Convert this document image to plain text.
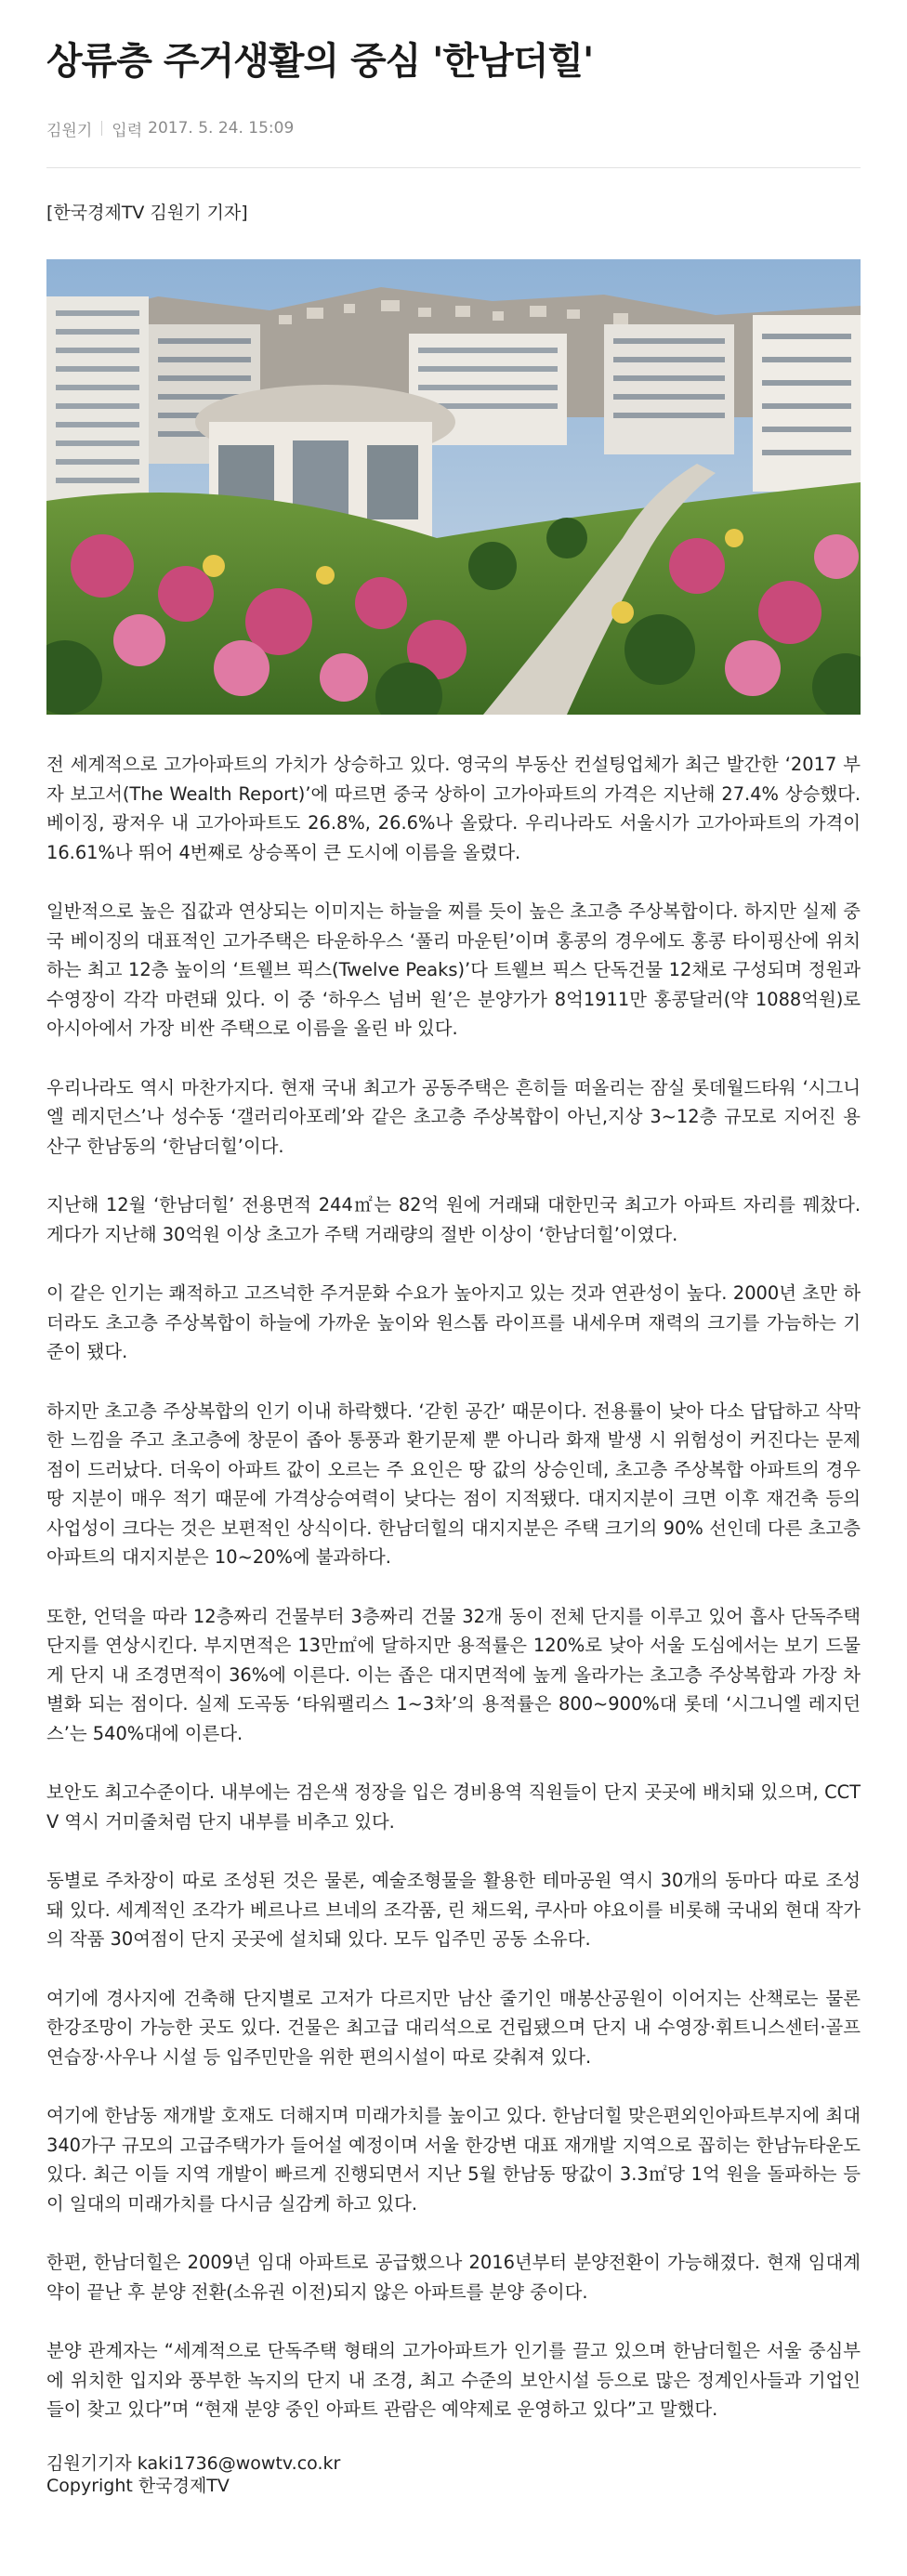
상류층 주거생활의 중심 '한남더힐'
김원기 입력 2017. 5. 24. 15:09
[한국경제TV 김원기 기자]

전 세계적으로 고가아파트의 가치가 상승하고 있다. 영국의 부동산 컨설팅업체가 최근 발간한 ‘2017 부자 보고서(The Wealth Report)’에 따르면 중국 상하이 고가아파트의 가격은 지난해 27.4% 상승했다. 베이징, 광저우 내 고가아파트도 26.8%, 26.6%나 올랐다. 우리나라도 서울시가 고가아파트의 가격이 16.61%나 뛰어 4번째로 상승폭이 큰 도시에 이름을 올렸다.

일반적으로 높은 집값과 연상되는 이미지는 하늘을 찌를 듯이 높은 초고층 주상복합이다. 하지만 실제 중국 베이징의 대표적인 고가주택은 타운하우스 ‘풀리 마운틴’이며 홍콩의 경우에도 홍콩 타이핑산에 위치하는 최고 12층 높이의 ‘트웰브 픽스(Twelve Peaks)’다 트웰브 픽스 단독건물 12채로 구성되며 정원과 수영장이 각각 마련돼 있다. 이 중 ‘하우스 넘버 원’은 분양가가 8억1911만 홍콩달러(약 1088억원)로 아시아에서 가장 비싼 주택으로 이름을 올린 바 있다.

우리나라도 역시 마찬가지다. 현재 국내 최고가 공동주택은 흔히들 떠올리는 잠실 롯데월드타워 ‘시그니엘 레지던스’나 성수동 ‘갤러리아포레’와 같은 초고층 주상복합이 아닌,지상 3~12층 규모로 지어진 용산구 한남동의 ‘한남더힐’이다.

지난해 12월 ‘한남더힐’ 전용면적 244㎡는 82억 원에 거래돼 대한민국 최고가 아파트 자리를 꿰찼다. 게다가 지난해 30억원 이상 초고가 주택 거래량의 절반 이상이 ‘한남더힐’이였다.

이 같은 인기는 쾌적하고 고즈넉한 주거문화 수요가 높아지고 있는 것과 연관성이 높다. 2000년 초만 하더라도 초고층 주상복합이 하늘에 가까운 높이와 원스톱 라이프를 내세우며 재력의 크기를 가늠하는 기준이 됐다.

하지만 초고층 주상복합의 인기 이내 하락했다. ‘갇힌 공간’ 때문이다. 전용률이 낮아 다소 답답하고 삭막한 느낌을 주고 초고층에 창문이 좁아 통풍과 환기문제 뿐 아니라 화재 발생 시 위험성이 커진다는 문제점이 드러났다. 더욱이 아파트 값이 오르는 주 요인은 땅 값의 상승인데, 초고층 주상복합 아파트의 경우 땅 지분이 매우 적기 때문에 가격상승여력이 낮다는 점이 지적됐다. 대지지분이 크면 이후 재건축 등의 사업성이 크다는 것은 보편적인 상식이다. 한남더힐의 대지지분은 주택 크기의 90% 선인데 다른 초고층 아파트의 대지지분은 10~20%에 불과하다.

또한, 언덕을 따라 12층짜리 건물부터 3층짜리 건물 32개 동이 전체 단지를 이루고 있어 흡사 단독주택 단지를 연상시킨다. 부지면적은 13만㎡에 달하지만 용적률은 120%로 낮아 서울 도심에서는 보기 드물게 단지 내 조경면적이 36%에 이른다. 이는 좁은 대지면적에 높게 올라가는 초고층 주상복합과 가장 차별화 되는 점이다. 실제 도곡동 ‘타워팰리스 1~3차’의 용적률은 800~900%대 롯데 ‘시그니엘 레지던스’는 540%대에 이른다.

보안도 최고수준이다. 내부에는 검은색 정장을 입은 경비용역 직원들이 단지 곳곳에 배치돼 있으며, CCTV 역시 거미줄처럼 단지 내부를 비추고 있다.

동별로 주차장이 따로 조성된 것은 물론, 예술조형물을 활용한 테마공원 역시 30개의 동마다 따로 조성돼 있다. 세계적인 조각가 베르나르 브네의 조각품, 린 채드윅, 쿠사마 야요이를 비롯해 국내외 현대 작가의 작품 30여점이 단지 곳곳에 설치돼 있다. 모두 입주민 공동 소유다.

여기에 경사지에 건축해 단지별로 고저가 다르지만 남산 줄기인 매봉산공원이 이어지는 산책로는 물론 한강조망이 가능한 곳도 있다. 건물은 최고급 대리석으로 건립됐으며 단지 내 수영장·휘트니스센터·골프연습장·사우나 시설 등 입주민만을 위한 편의시설이 따로 갖춰져 있다.

여기에 한남동 재개발 호재도 더해지며 미래가치를 높이고 있다. 한남더힐 맞은편외인아파트부지에 최대 340가구 규모의 고급주택가가 들어설 예정이며 서울 한강변 대표 재개발 지역으로 꼽히는 한남뉴타운도 있다. 최근 이들 지역 개발이 빠르게 진행되면서 지난 5월 한남동 땅값이 3.3㎡당 1억 원을 돌파하는 등 이 일대의 미래가치를 다시금 실감케 하고 있다.

한편, 한남더힐은 2009년 임대 아파트로 공급했으나 2016년부터 분양전환이 가능해졌다. 현재 임대계약이 끝난 후 분양 전환(소유권 이전)되지 않은 아파트를 분양 중이다.

분양 관계자는 “세계적으로 단독주택 형태의 고가아파트가 인기를 끌고 있으며 한남더힐은 서울 중심부에 위치한 입지와 풍부한 녹지의 단지 내 조경, 최고 수준의 보안시설 등으로 많은 정계인사들과 기업인들이 찾고 있다”며 “현재 분양 중인 아파트 관람은 예약제로 운영하고 있다”고 말했다.

김원기기자 kaki1736@wowtv.co.kr
Copyright 한국경제TV
